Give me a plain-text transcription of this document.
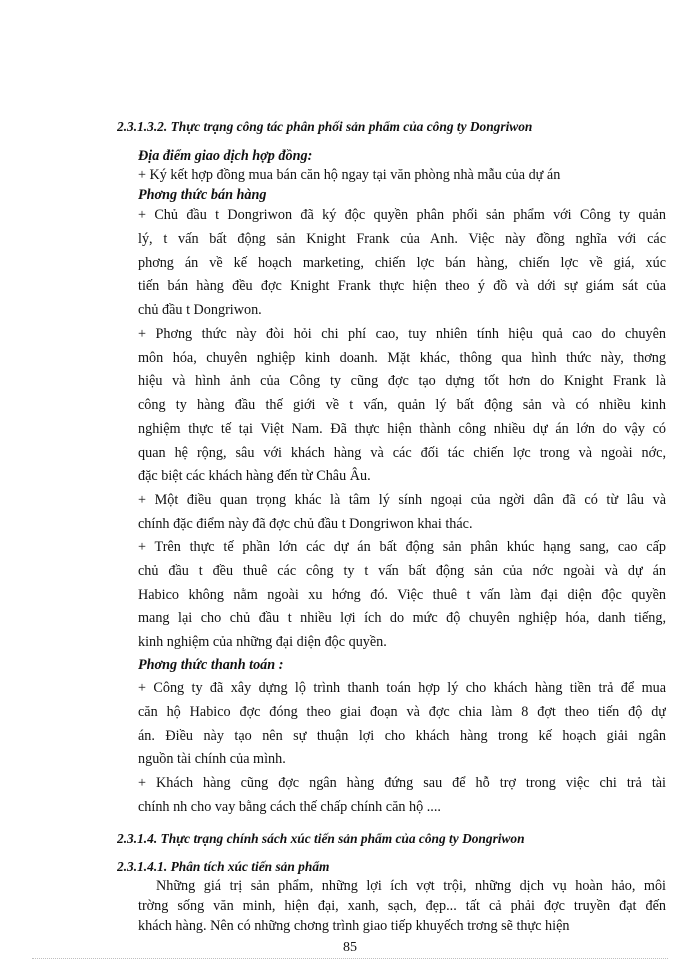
2.3.1.3.2. Thực trạng công tác phân phối sản phẩm của công ty Dongriwon
Địa điểm giao dịch hợp đồng:
+ Ký kết hợp đồng mua bán căn hộ ngay tại văn phòng nhà mẫu của dự án
Phơng thức bán hàng
+ Chủ đầu t Dongriwon đã ký độc quyền phân phối sản phẩm với Công ty quản
lý, t vấn bất động sản Knight Frank của Anh. Việc này đồng nghĩa với các
phơng án về kế hoạch marketing, chiến lợc bán hàng, chiến lợc về giá, xúc
tiến bán hàng đều đợc Knight Frank thực hiện theo ý đồ và dới sự giám sát của
chủ đầu t Dongriwon.
+ Phơng thức này đòi hỏi chi phí cao, tuy nhiên tính hiệu quả cao do chuyên
môn hóa, chuyên nghiệp kinh doanh. Mặt khác, thông qua hình thức này, thơng
hiệu và hình ảnh của Công ty cũng đợc tạo dựng tốt hơn do Knight Frank là
công ty hàng đầu thế giới về t vấn, quản lý bất động sản và có nhiều kinh
nghiệm thực tế tại Việt Nam. Đã thực hiện thành công nhiều dự án lớn do vậy có
quan hệ rộng, sâu với khách hàng và các đối tác chiến lợc trong và ngoài nớc,
đặc biệt các khách hàng đến từ Châu Âu.
+ Một điều quan trọng khác là tâm lý sính ngoại của ngời dân đã có từ lâu và
chính đặc điểm này đã đợc chủ đầu t Dongriwon khai thác.
+ Trên thực tế phần lớn các dự án bất động sản phân khúc hạng sang, cao cấp
chủ đầu t đều thuê các công ty t vấn bất động sản của nớc ngoài và dự án
Habico không nằm ngoài xu hớng đó. Việc thuê t vấn làm đại diện độc quyền
mang lại cho chủ đầu t nhiều lợi ích do mức độ chuyên nghiệp hóa, danh tiếng,
kinh nghiệm của những đại diện độc quyền.
Phơng thức thanh toán :
+ Công ty đã xây dựng lộ trình thanh toán hợp lý cho khách hàng tiền trả để mua
căn hộ Habico đợc đóng theo giai đoạn và đợc chia làm 8 đợt theo tiến độ dự
án. Điều này tạo nên sự thuận lợi cho khách hàng trong kế hoạch giải ngân
nguồn tài chính của mình.
+ Khách hàng cũng đợc ngân hàng đứng sau để hỗ trợ trong việc chi trả tài
chính nh cho vay bằng cách thế chấp chính căn hộ ....
2.3.1.4. Thực trạng chính sách xúc tiến sản phẩm của công ty Dongriwon
2.3.1.4.1. Phân tích xúc tiến sản phẩm
Những giá trị sản phẩm, những lợi ích vợt trội, những dịch vụ hoàn hảo, môi
trờng sống văn minh, hiện đại, xanh, sạch, đẹp... tất cả phải đợc truyền đạt đến
khách hàng. Nên có những chơng trình giao tiếp khuyếch trơng sẽ thực hiện
85
